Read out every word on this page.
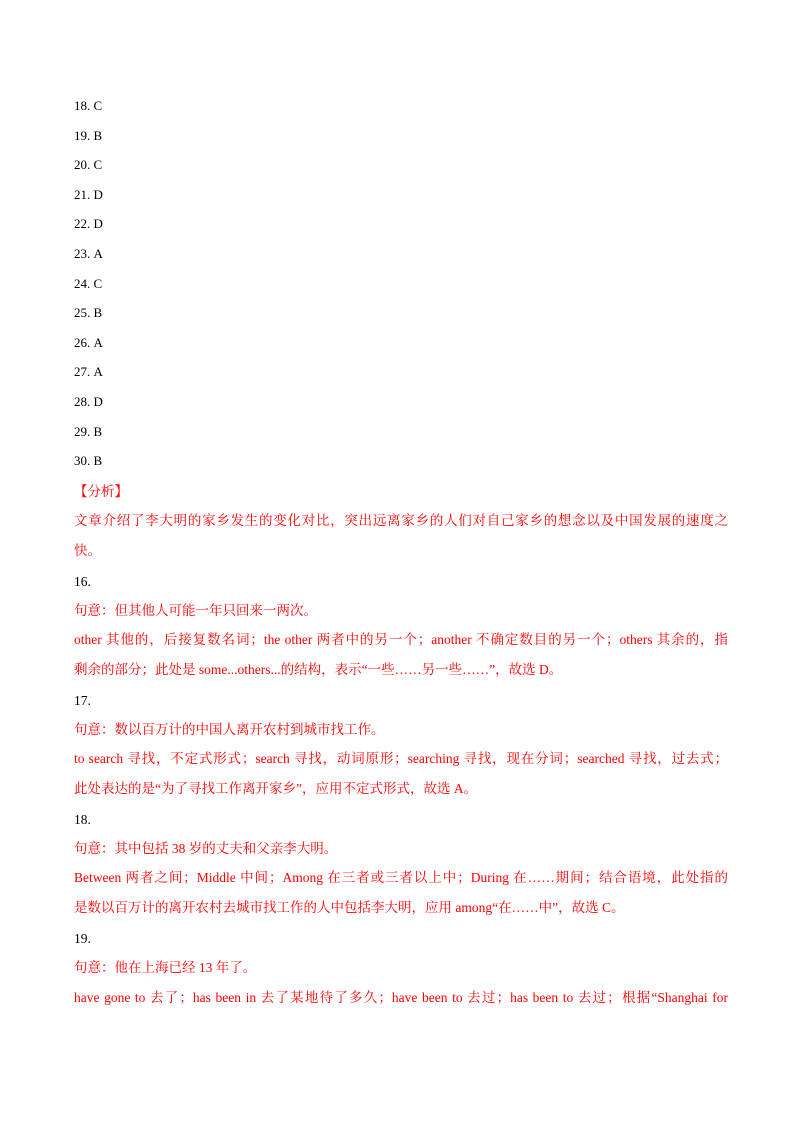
18. C
19. B
20. C
21. D
22. D
23. A
24. C
25. B
26. A
27. A
28. D
29. B
30. B
【分析】
文章介绍了李大明的家乡发生的变化对比，突出远离家乡的人们对自己家乡的想念以及中国发展的速度之
快。
16.
句意：但其他人可能一年只回来一两次。
other 其他的，后接复数名词；the other 两者中的另一个；another 不确定数目的另一个；others 其余的，指
剩余的部分；此处是 some...others...的结构，表示“一些……另一些……”，故选 D。
17.
句意：数以百万计的中国人离开农村到城市找工作。
to search 寻找，不定式形式；search 寻找，动词原形；searching 寻找，现在分词；searched 寻找，过去式；
此处表达的是“为了寻找工作离开家乡”，应用不定式形式，故选 A。
18.
句意：其中包括 38 岁的丈夫和父亲李大明。
Between 两者之间；Middle 中间；Among 在三者或三者以上中；During 在……期间；结合语境，此处指的
是数以百万计的离开农村去城市找工作的人中包括李大明，应用 among“在……中”，故选 C。
19.
句意：他在上海已经 13 年了。
have gone to 去了；has been in 去了某地待了多久；have been to 去过；has been to 去过；根据“Shanghai for
